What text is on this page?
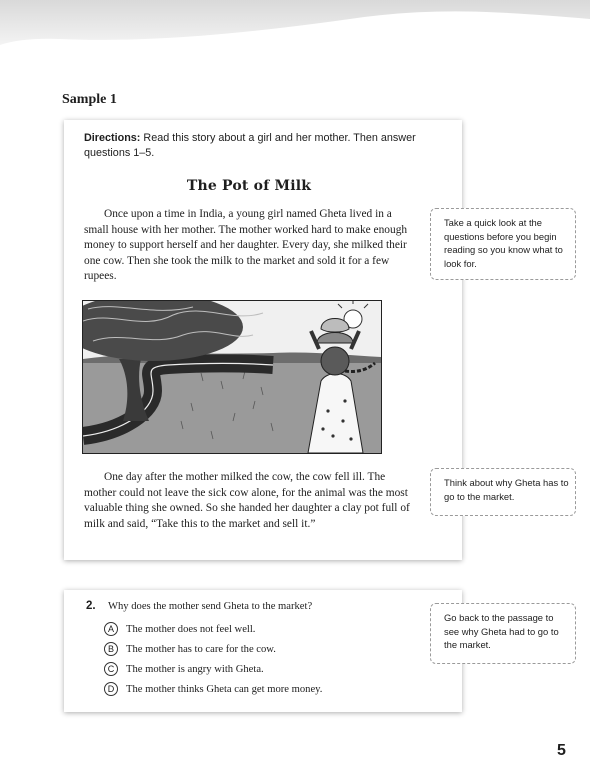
Sample 1
Directions: Read this story about a girl and her mother. Then answer questions 1–5.
The Pot of Milk

Once upon a time in India, a young girl named Gheta lived in a small house with her mother. The mother worked hard to make enough money to support herself and her daughter. Every day, she milked their one cow. Then she took the milk to the market and sold it for a few rupees.

One day after the mother milked the cow, the cow fell ill. The mother could not leave the sick cow alone, for the animal was the most valuable thing she owned. So she handed her daughter a clay pot full of milk and said, “Take this to the market and sell it.”

2. Why does the mother send Gheta to the market?
A	The mother does not feel well.
B	The mother has to care for the cow.
C	The mother is angry with Gheta.
D	The mother thinks Gheta can get more money.
Take a quick look at the questions before you begin reading so you know what to look for.
Think about why Gheta has to go to the market.
Go back to the passage to see why Gheta had to go to the market.
5
